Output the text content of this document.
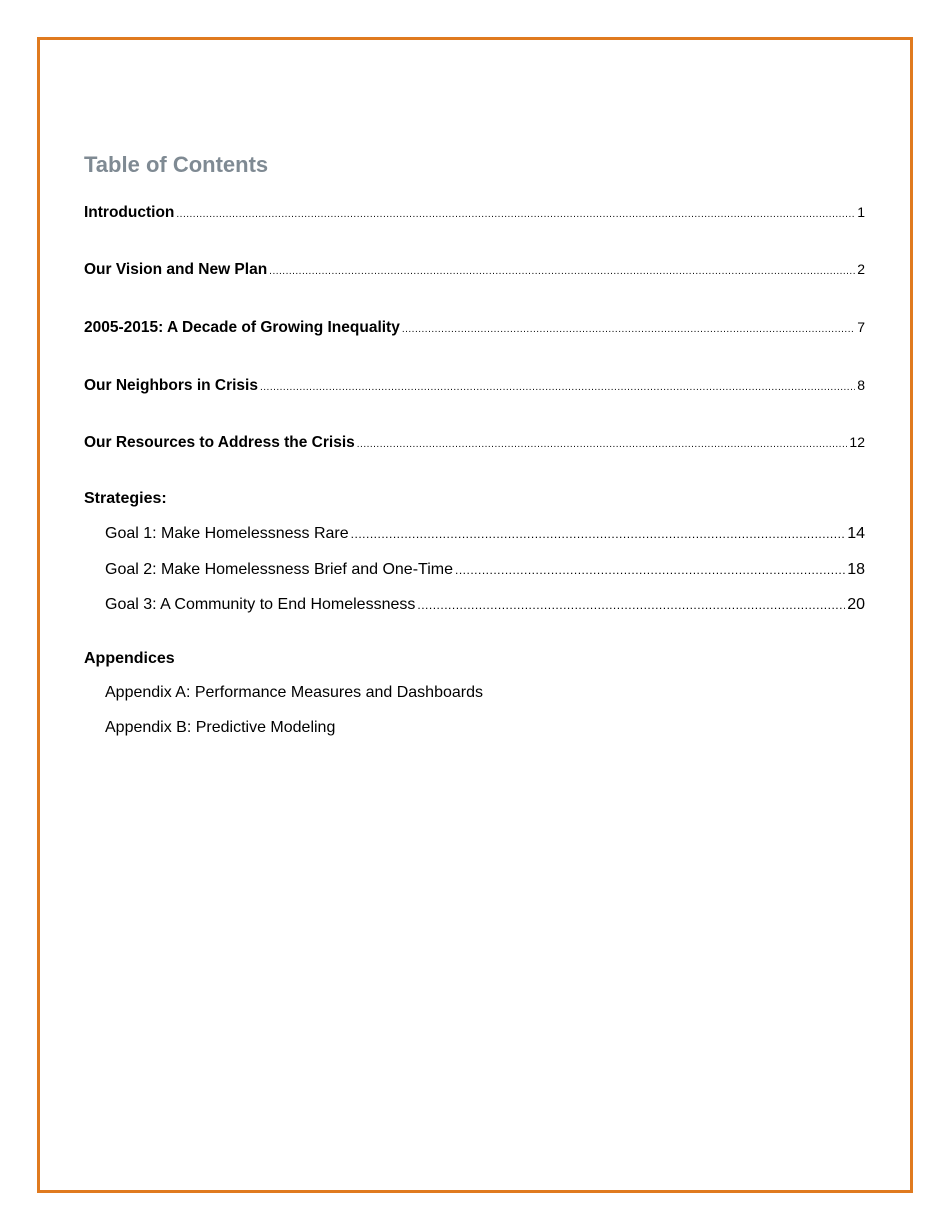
Table of Contents
Introduction .....	1
Our Vision and New Plan .....	2
2005-2015: A Decade of Growing Inequality .....	7
Our Neighbors in Crisis .....	8
Our Resources to Address the Crisis .....	12
Strategies:
Goal 1: Make Homelessness Rare .....	14
Goal 2: Make Homelessness Brief and One-Time .....	18
Goal 3: A Community to End Homelessness .....	20
Appendices
Appendix A: Performance Measures and Dashboards
Appendix B: Predictive Modeling
